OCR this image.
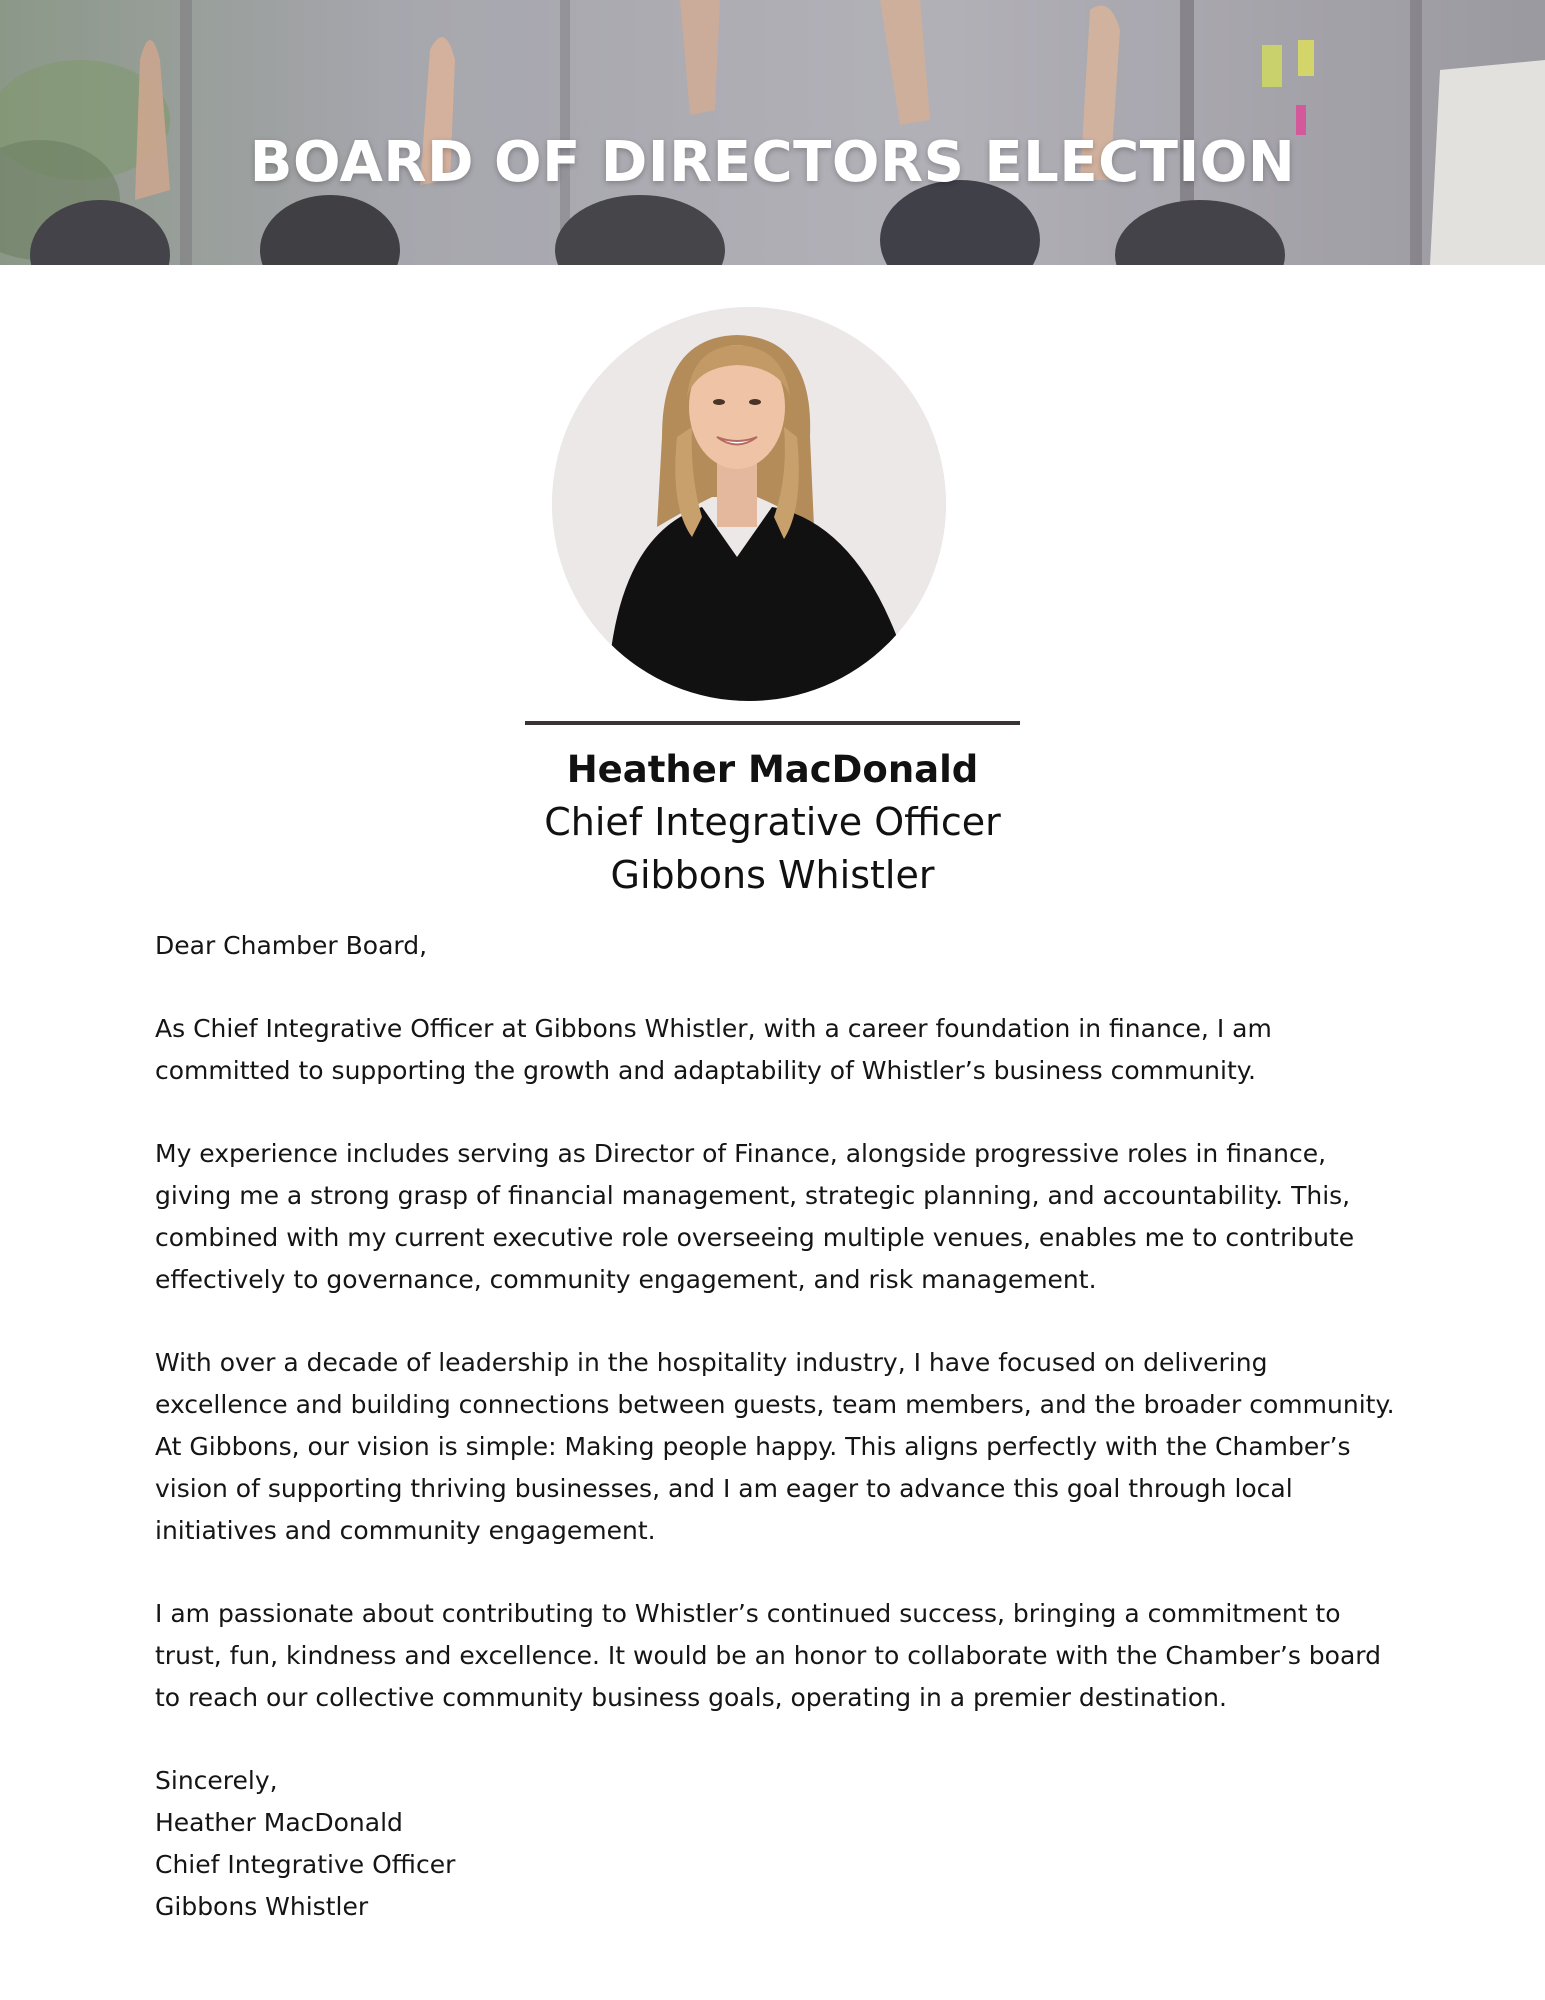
BOARD OF DIRECTORS ELECTION
Heather MacDonald
Chief Integrative Officer
Gibbons Whistler

Dear Chamber Board,

As Chief Integrative Officer at Gibbons Whistler, with a career foundation in finance, I am committed to supporting the growth and adaptability of Whistler’s business community.

My experience includes serving as Director of Finance, alongside progressive roles in finance, giving me a strong grasp of financial management, strategic planning, and accountability. This, combined with my current executive role overseeing multiple venues, enables me to contribute effectively to governance, community engagement, and risk management.

With over a decade of leadership in the hospitality industry, I have focused on delivering excellence and building connections between guests, team members, and the broader community. At Gibbons, our vision is simple: Making people happy. This aligns perfectly with the Chamber’s vision of supporting thriving businesses, and I am eager to advance this goal through local initiatives and community engagement.

I am passionate about contributing to Whistler’s continued success, bringing a commitment to trust, fun, kindness and excellence. It would be an honor to collaborate with the Chamber’s board to reach our collective community business goals, operating in a premier destination.

Sincerely,

Heather MacDonald

Chief Integrative Officer

Gibbons Whistler
